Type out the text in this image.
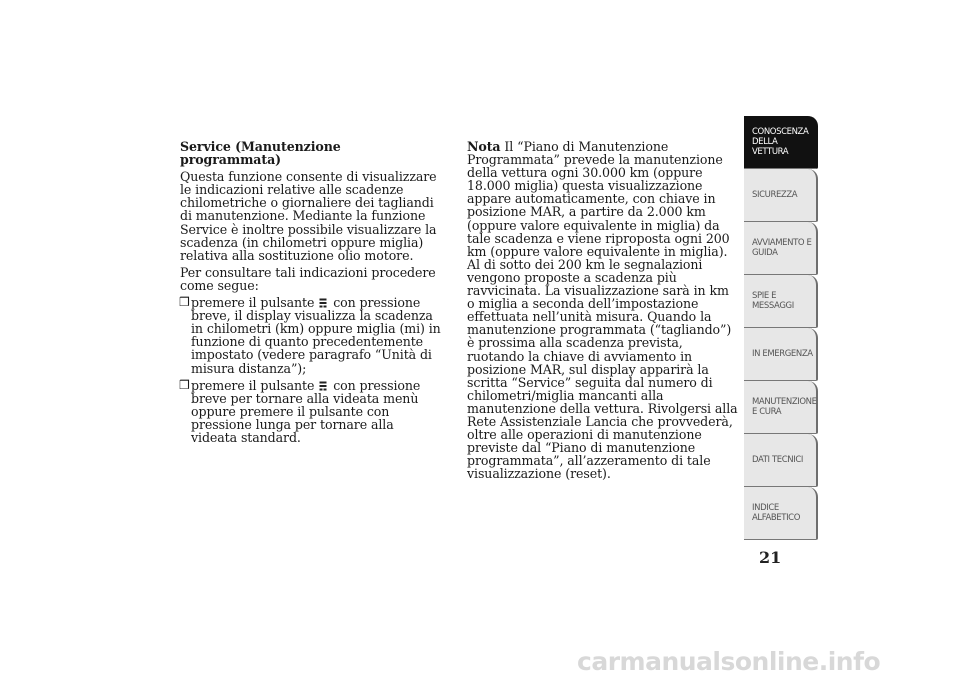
Service (Manutenzione programmata)

Questa funzione consente di visualizzare le indicazioni relative alle scadenze chilometriche o giornaliere dei tagliandi di manutenzione. Mediante la funzione Service è inoltre possibile visualizzare la scadenza (in chilometri oppure miglia) relativa alla sostituzione olio motore.

Per consultare tali indicazioni procedere come segue:

❒ premere il pulsante con pressione breve, il display visualizza la scadenza in chilometri (km) oppure miglia (mi) in funzione di quanto precedentemente impostato (vedere paragrafo “Unità di misura distanza”);
❒ premere il pulsante con pressione breve per tornare alla videata menù oppure premere il pulsante con pressione lunga per tornare alla videata standard.

Nota Il “Piano di Manutenzione Programmata” prevede la manutenzione della vettura ogni 30.000 km (oppure 18.000 miglia) questa visualizzazione appare automaticamente, con chiave in posizione MAR, a partire da 2.000 km (oppure valore equivalente in miglia) da tale scadenza e viene riproposta ogni 200 km (oppure valore equivalente in miglia). Al di sotto dei 200 km le segnalazioni vengono proposte a scadenza più ravvicinata. La visualizzazione sarà in km o miglia a seconda dell’impostazione effettuata nell’unità misura. Quando la manutenzione programmata (“tagliando”) è prossima alla scadenza prevista, ruotando la chiave di avviamento in posizione MAR, sul display apparirà la scritta “Service” seguita dal numero di chilometri/miglia mancanti alla manutenzione della vettura. Rivolgersi alla Rete Assistenziale Lancia che provvederà, oltre alle operazioni di manutenzione previste dal “Piano di manutenzione programmata”, all’azzeramento di tale visualizzazione (reset).

CONOSCENZA DELLA VETTURA
SICUREZZA
AVVIAMENTO E GUIDA
SPIE E MESSAGGI
IN EMERGENZA
MANUTENZIONE E CURA
DATI TECNICI
INDICE ALFABETICO
21
carmanualsonline.info
